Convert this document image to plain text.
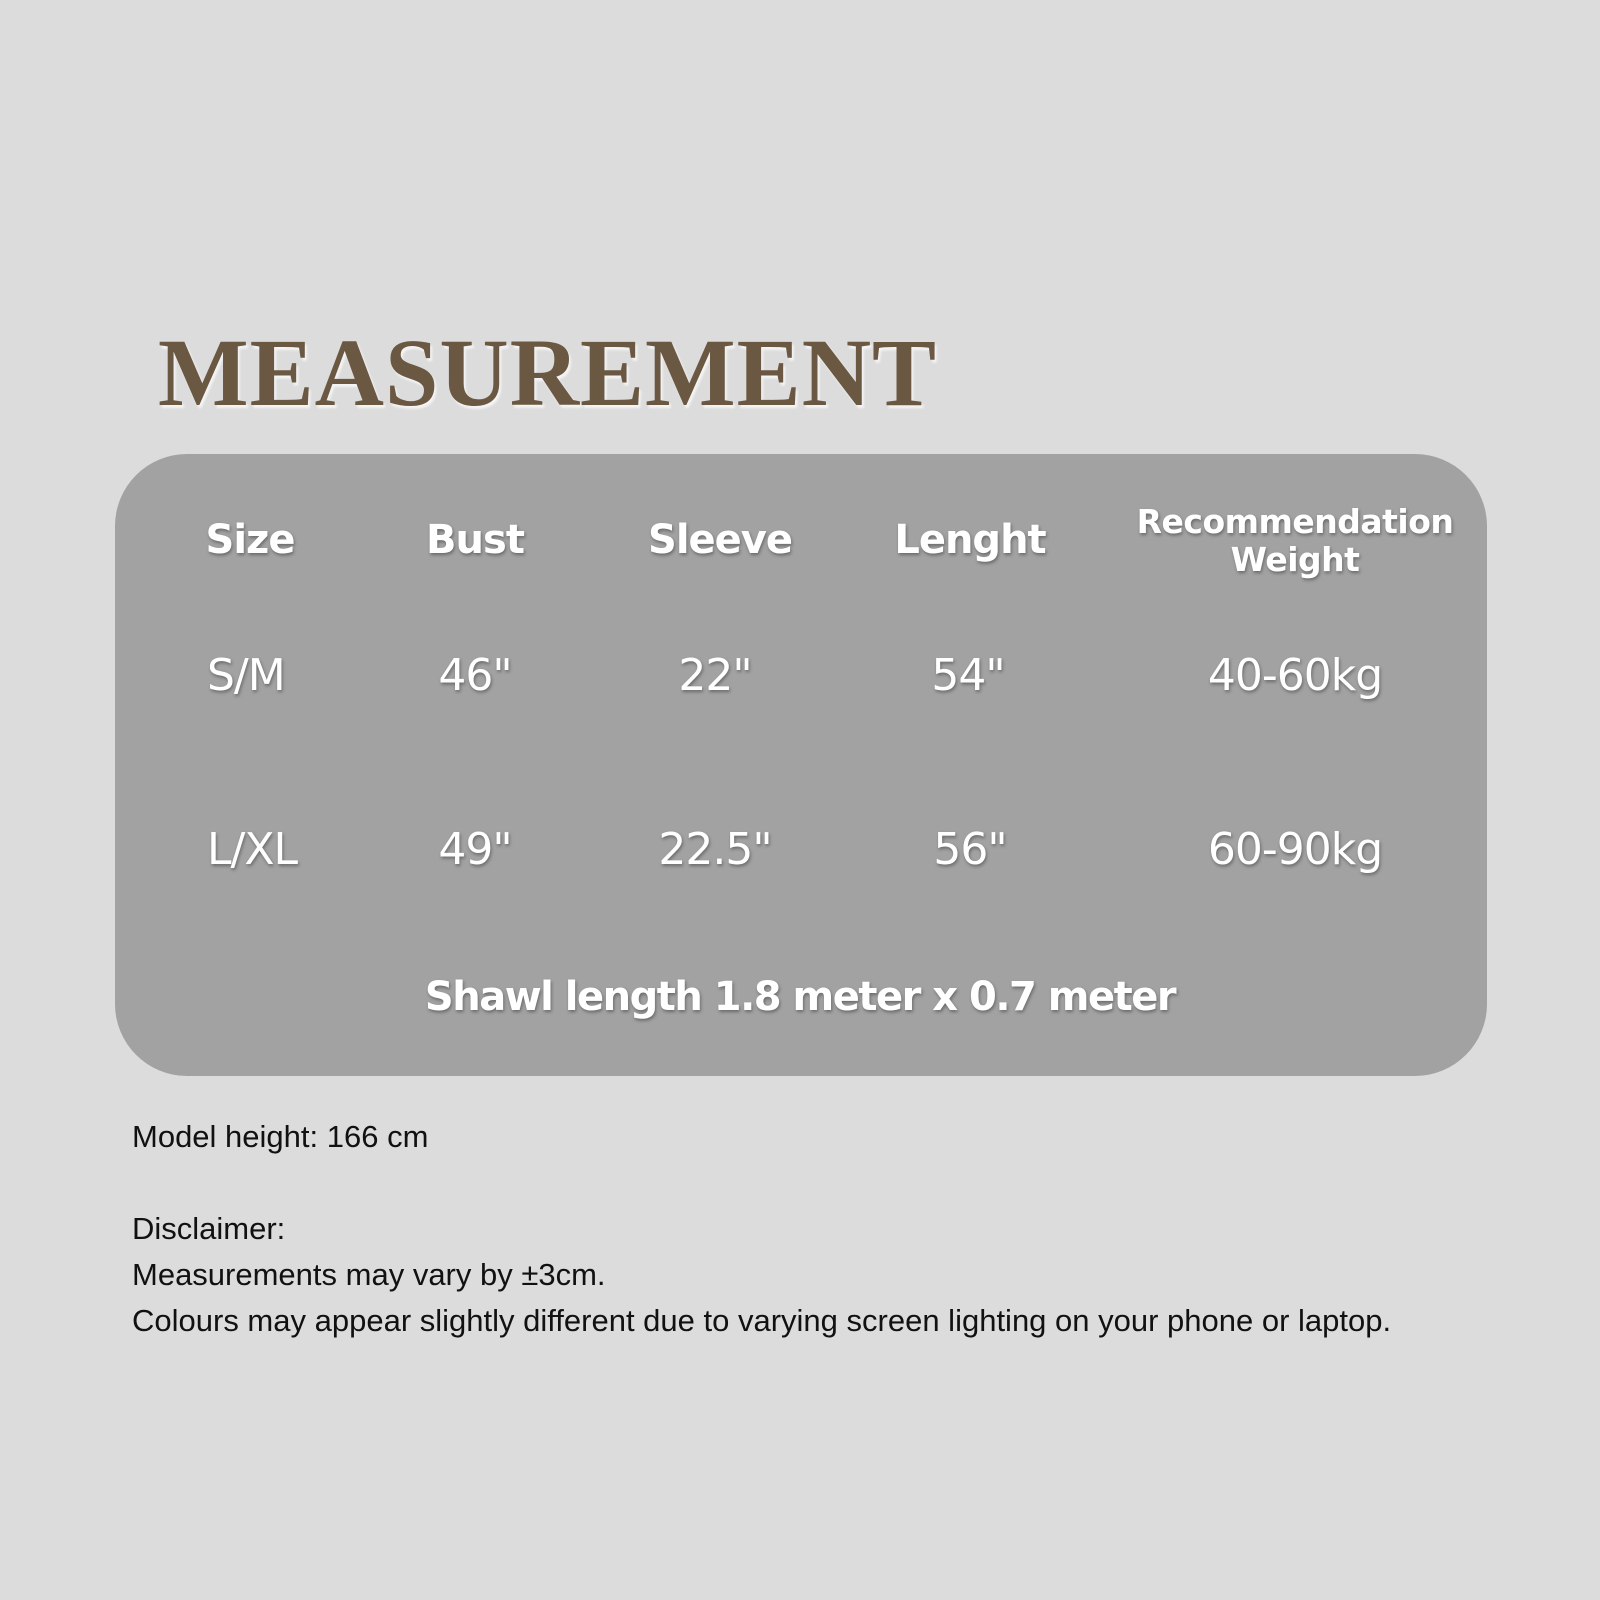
MEASUREMENT
Size	Bust	Sleeve	Lenght	Recommendation Weight
S/M	46"	22"	54"	40-60kg
L/XL	49"	22.5"	56"	60-90kg
Shawl length 1.8 meter x 0.7 meter

Model height: 166 cm

Disclaimer:

Measurements may vary by ±3cm.

Colours may appear slightly different due to varying screen lighting on your phone or laptop.
